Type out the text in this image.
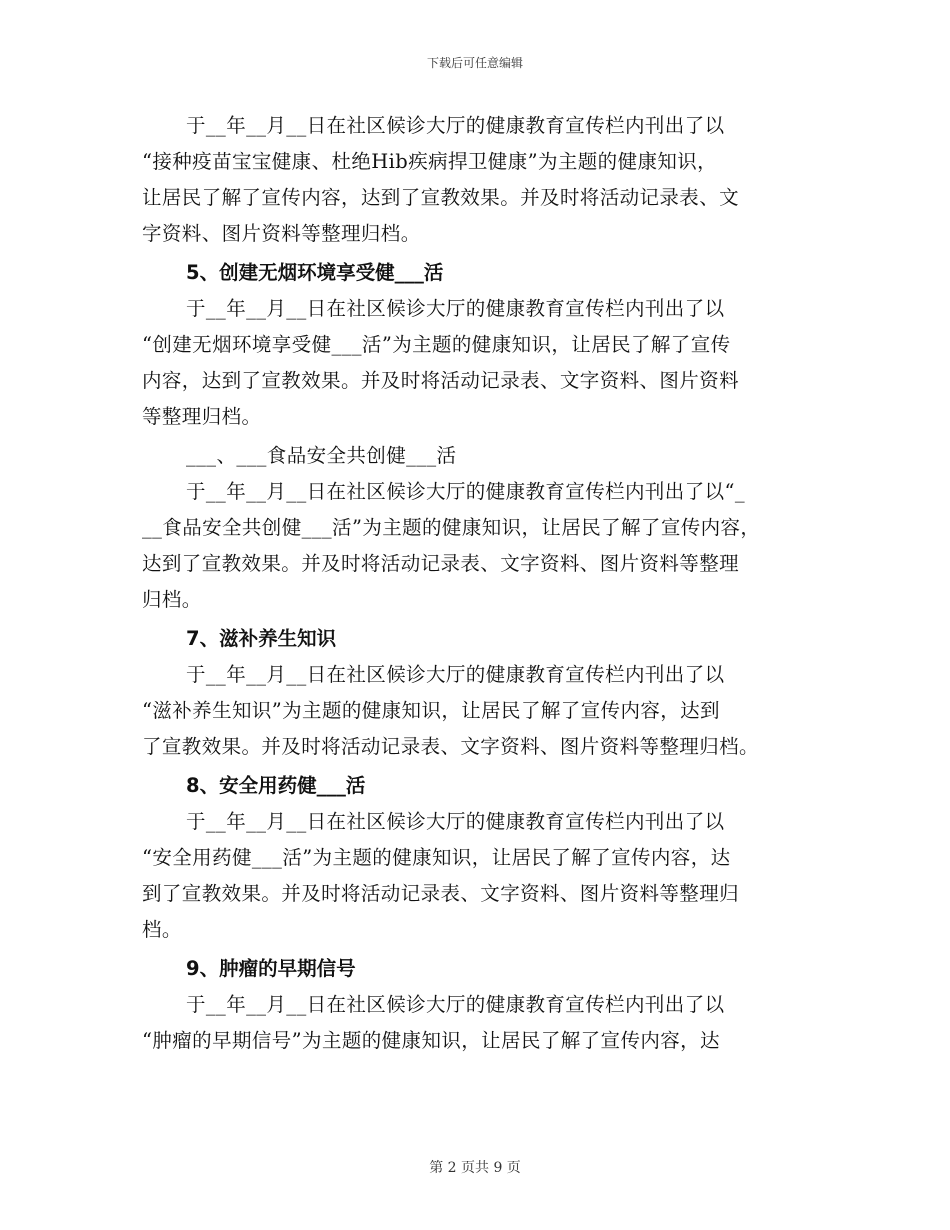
下载后可任意编辑
于__年__月__日在社区候诊大厅的健康教育宣传栏内刊出了以
“接种疫苗宝宝健康、杜绝Hib疾病捍卫健康”为主题的健康知识，
让居民了解了宣传内容，达到了宣教效果。并及时将活动记录表、文
字资料、图片资料等整理归档。
5、创建无烟环境享受健___活
于__年__月__日在社区候诊大厅的健康教育宣传栏内刊出了以
“创建无烟环境享受健___活”为主题的健康知识，让居民了解了宣传
内容，达到了宣教效果。并及时将活动记录表、文字资料、图片资料
等整理归档。
___、___食品安全共创健___活
于__年__月__日在社区候诊大厅的健康教育宣传栏内刊出了以“_
__食品安全共创健___活”为主题的健康知识，让居民了解了宣传内容，
达到了宣教效果。并及时将活动记录表、文字资料、图片资料等整理
归档。
7、滋补养生知识
于__年__月__日在社区候诊大厅的健康教育宣传栏内刊出了以
“滋补养生知识”为主题的健康知识，让居民了解了宣传内容，达到
了宣教效果。并及时将活动记录表、文字资料、图片资料等整理归档。
8、安全用药健___活
于__年__月__日在社区候诊大厅的健康教育宣传栏内刊出了以
“安全用药健___活”为主题的健康知识，让居民了解了宣传内容，达
到了宣教效果。并及时将活动记录表、文字资料、图片资料等整理归
档。
9、肿瘤的早期信号
于__年__月__日在社区候诊大厅的健康教育宣传栏内刊出了以
“肿瘤的早期信号”为主题的健康知识，让居民了解了宣传内容，达
第 2 页共 9 页
